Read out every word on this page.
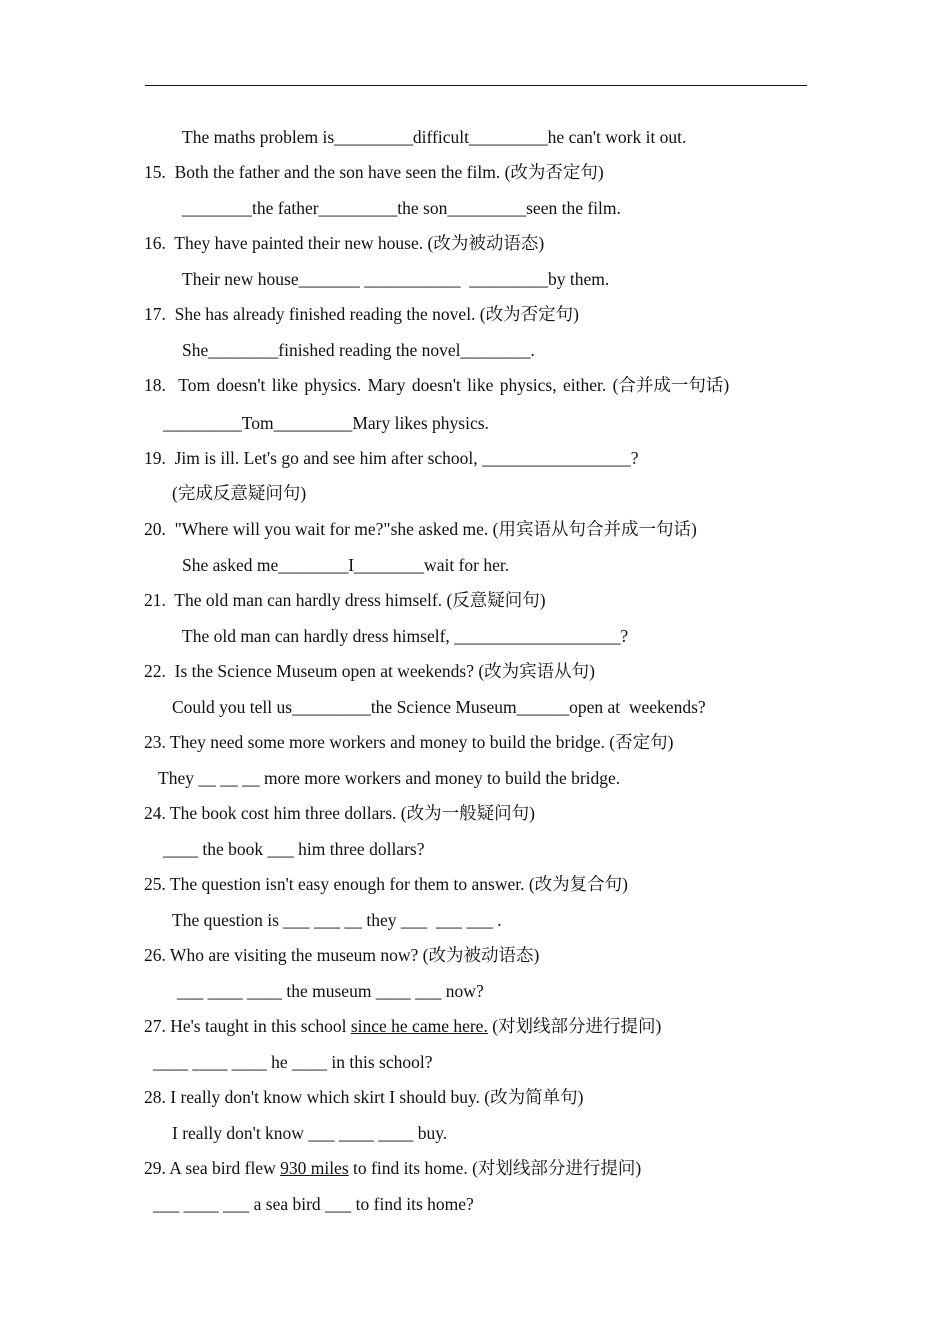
The maths problem is_________difficult_________he can't work it out.
15.  Both the father and the son have seen the film. (改为否定句)
________the father_________the son_________seen the film.
16.  They have painted their new house. (改为被动语态)
Their new house_______ ___________  _________by them.
17.  She has already finished reading the novel. (改为否定句)
She________finished reading the novel________.
18.  Tom doesn't like physics. Mary doesn't like physics, either. (合并成一句话)
_________Tom_________Mary likes physics.
19.  Jim is ill. Let's go and see him after school, _________________?
(完成反意疑问句)
20.  "Where will you wait for me?"she asked me. (用宾语从句合并成一句话)
She asked me________I________wait for her.
21.  The old man can hardly dress himself. (反意疑问句)
The old man can hardly dress himself, ___________________?
22.  Is the Science Museum open at weekends? (改为宾语从句)
Could you tell us_________the Science Museum______open at  weekends?
23. They need some more workers and money to build the bridge. (否定句)
They __ __ __ more more workers and money to build the bridge.
24. The book cost him three dollars. (改为一般疑问句)
____ the book ___ him three dollars?
25. The question isn't easy enough for them to answer. (改为复合句)
The question is ___ ___ __ they ___  ___ ___ .
26. Who are visiting the museum now? (改为被动语态)
___ ____ ____ the museum ____ ___ now?
27. He's taught in this school since he came here. (对划线部分进行提问)
____ ____ ____ he ____ in this school?
28. I really don't know which skirt I should buy. (改为简单句)
I really don't know ___ ____ ____ buy.
29. A sea bird flew 930 miles to find its home. (对划线部分进行提问)
___ ____ ___ a sea bird ___ to find its home?
